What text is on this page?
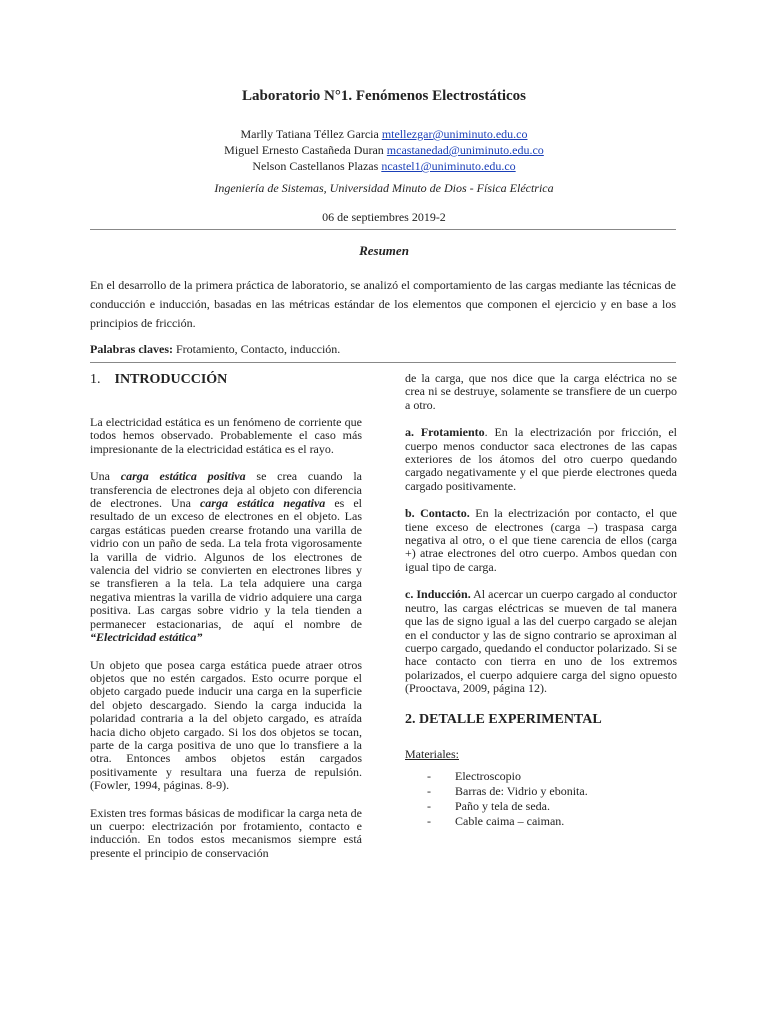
Laboratorio N°1. Fenómenos Electrostáticos
Marlly Tatiana Téllez Garcia mtellezgar@uniminuto.edu.co
Miguel Ernesto Castañeda Duran mcastanedad@uniminuto.edu.co
Nelson Castellanos Plazas ncastel1@uniminuto.edu.co
Ingeniería de Sistemas, Universidad Minuto de Dios - Física Eléctrica
06 de septiembres 2019-2
Resumen

En el desarrollo de la primera práctica de laboratorio, se analizó el comportamiento de las cargas mediante las técnicas de conducción e inducción, basadas en las métricas estándar de los elementos que componen el ejercicio y en base a los principios de fricción.

Palabras claves: Frotamiento, Contacto, inducción.

1. INTRODUCCIÓN

La electricidad estática es un fenómeno de corriente que todos hemos observado. Probablemente el caso más impresionante de la electricidad estática es el rayo.

Una carga estática positiva se crea cuando la transferencia de electrones deja al objeto con diferencia de electrones. Una carga estática negativa es el resultado de un exceso de electrones en el objeto. Las cargas estáticas pueden crearse frotando una varilla de vidrio con un paño de seda. La tela frota vigorosamente la varilla de vidrio. Algunos de los electrones de valencia del vidrio se convierten en electrones libres y se transfieren a la tela. La tela adquiere una carga negativa mientras la varilla de vidrio adquiere una carga positiva. Las cargas sobre vidrio y la tela tienden a permanecer estacionarias, de aquí el nombre de “Electricidad estática”

Un objeto que posea carga estática puede atraer otros objetos que no estén cargados. Esto ocurre porque el objeto cargado puede inducir una carga en la superficie del objeto descargado. Siendo la carga inducida la polaridad contraria a la del objeto cargado, es atraída hacia dicho objeto cargado. Si los dos objetos se tocan, parte de la carga positiva de uno que lo transfiere a la otra. Entonces ambos objetos están cargados positivamente y resultara una fuerza de repulsión. (Fowler, 1994, páginas. 8-9).

Existen tres formas básicas de modificar la carga neta de un cuerpo: electrización por frotamiento, contacto e inducción. En todos estos mecanismos siempre está presente el principio de conservación

de la carga, que nos dice que la carga eléctrica no se crea ni se destruye, solamente se transfiere de un cuerpo a otro.

a. Frotamiento. En la electrización por fricción, el cuerpo menos conductor saca electrones de las capas exteriores de los átomos del otro cuerpo quedando cargado negativamente y el que pierde electrones queda cargado positivamente.

b. Contacto. En la electrización por contacto, el que tiene exceso de electrones (carga –) traspasa carga negativa al otro, o el que tiene carencia de ellos (carga +) atrae electrones del otro cuerpo. Ambos quedan con igual tipo de carga.

c. Inducción. Al acercar un cuerpo cargado al conductor neutro, las cargas eléctricas se mueven de tal manera que las de signo igual a las del cuerpo cargado se alejan en el conductor y las de signo contrario se aproximan al cuerpo cargado, quedando el conductor polarizado. Si se hace contacto con tierra en uno de los extremos polarizados, el cuerpo adquiere carga del signo opuesto (Prooctava, 2009, página 12).

2. DETALLE EXPERIMENTAL

Materiales:

- Electroscopio
- Barras de: Vidrio y ebonita.
- Paño y tela de seda.
- Cable caima – caiman.
